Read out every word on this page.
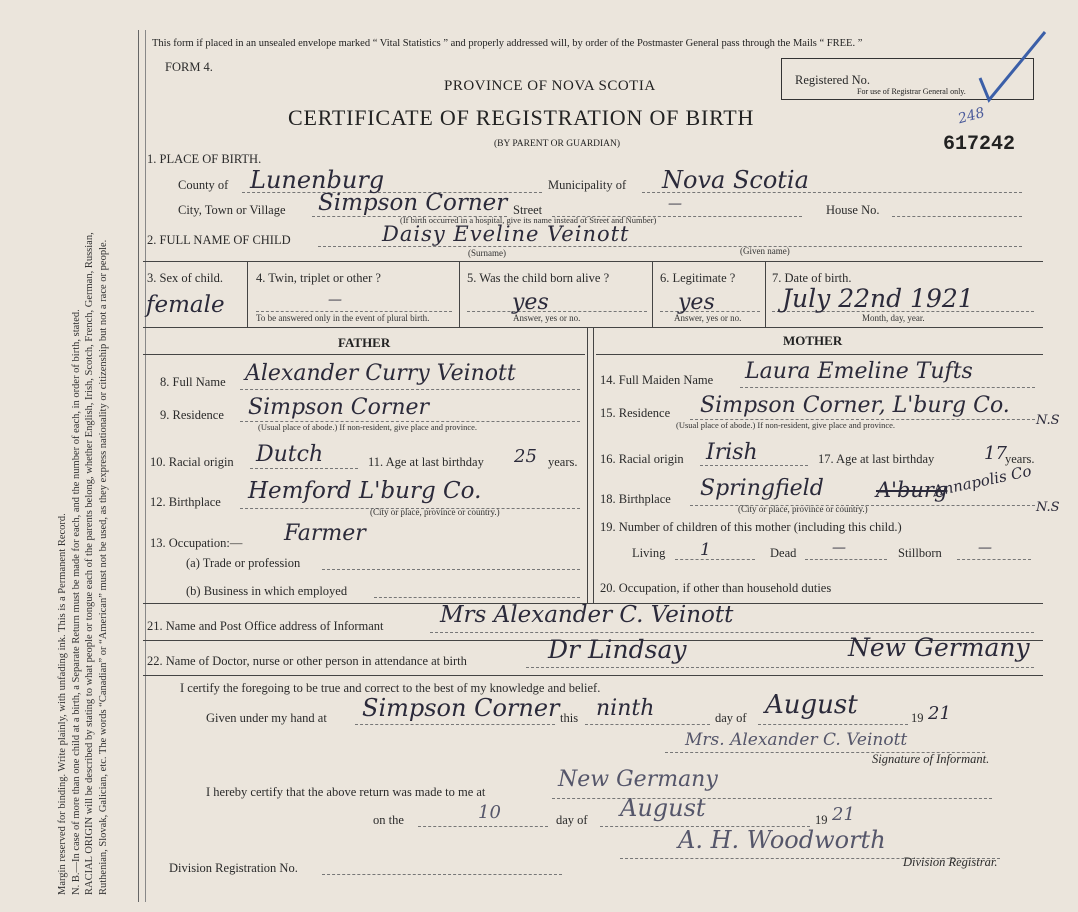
Margin reserved for binding. Write plainly, with unfading ink. This is a Permanent Record. N. B.—In case of more than one child at a birth, a Separate Return must be made for each, and the number of each, in order of birth, stated. RACIAL ORIGIN will be described by stating to what people or tongue each of the parents belong, whether English, Irish, Scotch, French, German, Russian, Ruthenian, Slovak, Galician, etc. The words “Canadian” or “American” must not be used, as they express nationality or citizenship but not a race or people.
This form if placed in an unsealed envelope marked “ Vital Statistics ” and properly addressed will, by order of the Postmaster General pass through the Mails “ FREE. ”
FORM 4.
PROVINCE OF NOVA SCOTIA
CERTIFICATE OF REGISTRATION OF BIRTH
(BY PARENT OR GUARDIAN)
Registered No.
For use of Registrar General only.
248
617242
1. PLACE OF BIRTH.
County of Lunenburg	Municipality of Nova Scotia
City, Town or Village Simpson Corner Street	—	House No.
(If birth occurred in a hospital, give its name instead of Street and Number)
2. FULL NAME OF CHILD	Daisy Eveline Veinott
(Surname)	(Given name)
3. Sex of child.
female
4. Twin, triplet or other ?
—
To be answered only in the event of plural birth.
5. Was the child born alive ?
yes
Answer, yes or no.
6. Legitimate ?
yes
Answer, yes or no.
7. Date of birth.
July 22nd 1921
Month, day, year.
FATHER	MOTHER
8. Full Name Alexander Curry Veinott
9. Residence Simpson Corner
(Usual place of abode.) If non-resident, give place and province.
10. Racial origin Dutch	11. Age at last birthday 25 years.
12. Birthplace Hemford L'burg Co.
(City or place, province or country.)
13. Occupation:— Farmer
(a) Trade or profession
(b) Business in which employed
14. Full Maiden Name Laura Emeline Tufts
15. Residence Simpson Corner, L'burg Co.
N.S
(Usual place of abode.) If non-resident, give place and province.
16. Racial origin Irish	17. Age at last birthday	17
years.
18. Birthplace Springfield A'burg
Annapolis Co
N.S
(City or place, province or country.)
19. Number of children of this mother (including this child.)
Living 1	Dead	—	Stillborn	—
20. Occupation, if other than household duties
21. Name and Post Office address of Informant Mrs Alexander C. Veinott
22. Name of Doctor, nurse or other person in attendance at birth	Dr Lindsay	New Germany
I certify the foregoing to be true and correct to the best of my knowledge and belief.
Given under my hand at Simpson Corner this ninth	day of August	19 21
Mrs. Alexander C. Veinott
Signature of Informant.
I hereby certify that the above return was made to me at	New Germany
on the	10	day of August	19 21
A. H. Woodworth
Division Registrar.
Division Registration No.
